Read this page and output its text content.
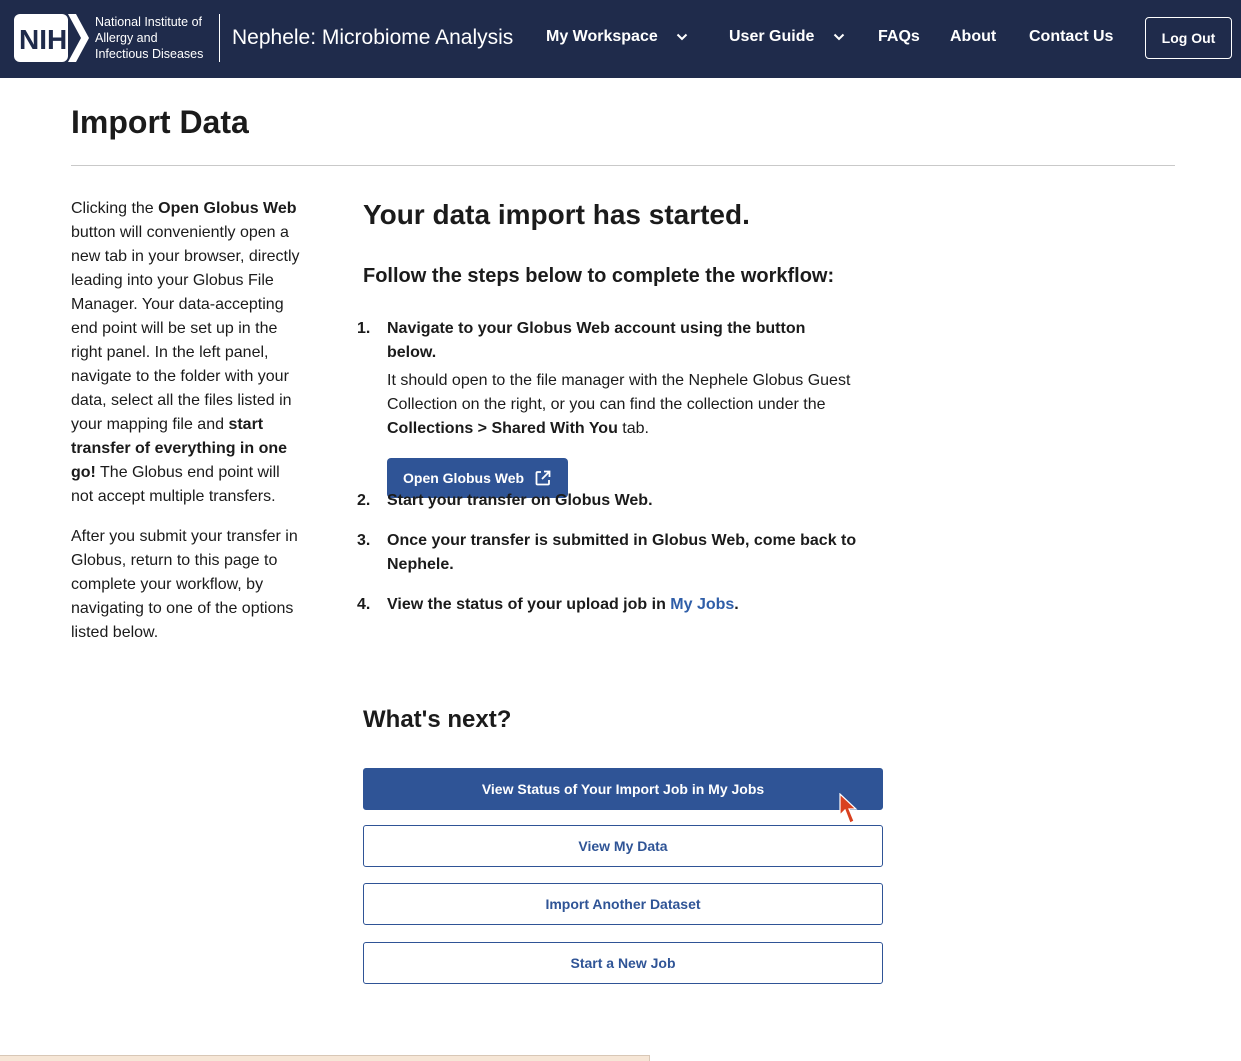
NIH
National Institute of
Allergy and
Infectious Diseases
Nephele: Microbiome Analysis My Workspace	User Guide	FAQs About Contact Us	Log Out
Import Data

Clicking the Open Globus Web button will conveniently open a new tab in your browser, directly leading into your Globus File Manager. Your data-accepting end point will be set up in the right panel. In the left panel, navigate to the folder with your data, select all the files listed in your mapping file and start transfer of everything in one go! The Globus end point will not accept multiple transfers.

After you submit your transfer in Globus, return to this page to complete your workflow, by navigating to one of the options listed below.

Your data import has started.
Follow the steps below to complete the workflow:
1.	Navigate to your Globus Web account using the button below.
It should open to the file manager with the Nephele Globus Guest Collection on the right, or you can find the collection under the Collections > Shared With You tab.
Open Globus Web
2.	Start your transfer on Globus Web.
3.	Once your transfer is submitted in Globus Web, come back to Nephele.
4.	View the status of your upload job in My Jobs.
What's next?
View Status of Your Import Job in My Jobs
View My Data
Import Another Dataset
Start a New Job
